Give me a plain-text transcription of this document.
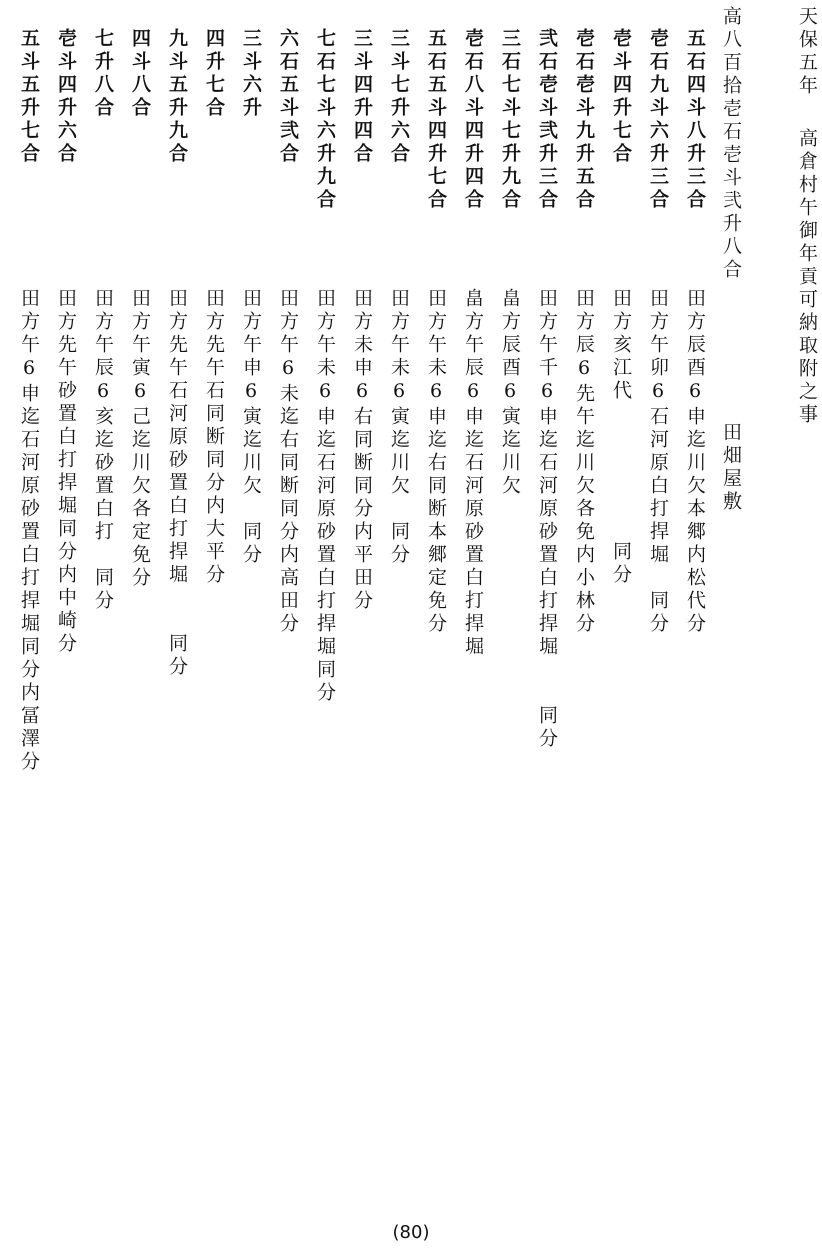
天保五年
高倉村午御年貢可納取附之事
高八百拾壱石壱斗弐升八合
田畑屋敷
五石四斗八升三合
田方辰酉6申迄川欠本郷内松代分
壱石九斗六升三合
田方午卯6石河原白打捍堀　同分
壱斗四升七合
田方亥江代　　　　　　同分
壱石壱斗九升五合
田方辰6先午迄川欠各免内小林分
弐石壱斗弐升三合
田方午千6申迄石河原砂置白打捍堀　　同分
三石七斗七升九合
畠方辰酉6寅迄川欠
壱石八斗四升四合
畠方午辰6申迄石河原砂置白打捍堀
五石五斗四升七合
田方午未6申迄右同断本郷定免分
三斗七升六合
田方午未6寅迄川欠　同分
三斗四升四合
田方未申6右同断同分内平田分
七石七斗六升九合
田方午未6申迄石河原砂置白打捍堀同分
六石五斗弐合
田方午6未迄右同断同分内高田分
三斗六升
田方午申6寅迄川欠　同分
四升七合
田方先午石同断同分内大平分
九斗五升九合
田方先午石河原砂置白打捍堀　　同分
四斗八合
田方午寅6己迄川欠各定免分
七升八合
田方午辰6亥迄砂置白打　同分
壱斗四升六合
田方先午砂置白打捍堀同分内中崎分
五斗五升七合
田方午6申迄石河原砂置白打捍堀同分内冨澤分
(80)
